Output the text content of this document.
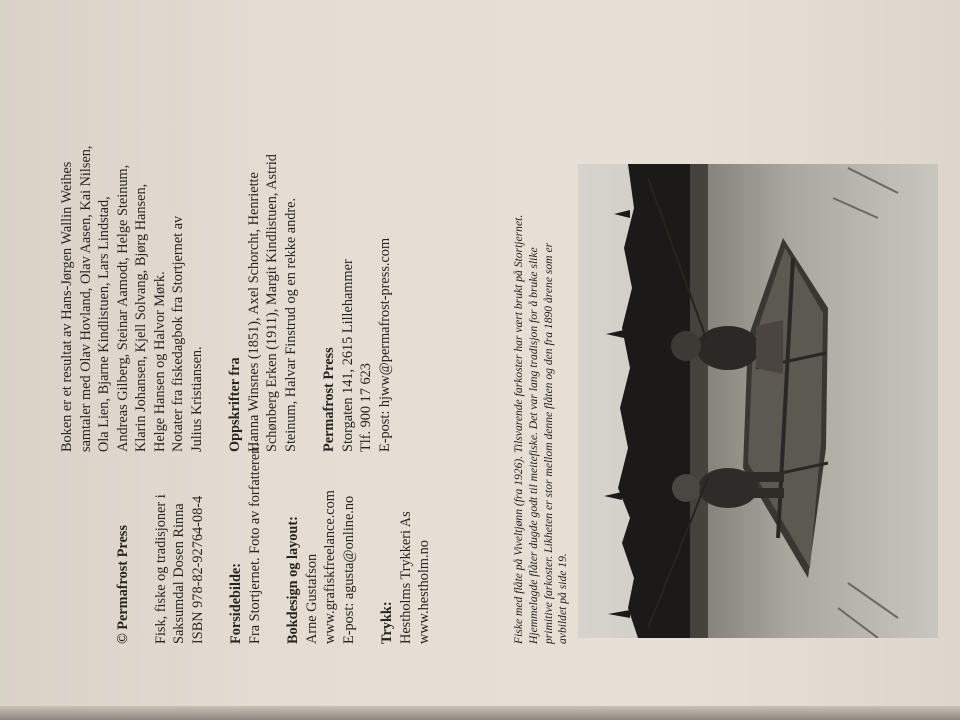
Fiske med flåte på Viveltjønn (fra 1926). Tilsvarende farkoster har vært brukt på Stortjernet. Hjemmelagde flåter dugde godt til meitefiske. Det var lang tradisjon for å bruke slike primitive farkoster. Likheten er stor mellom denne flåten og den fra 1890 årene som er avbildet på side 19.
Boken er et resultat av Hans-Jørgen Wallin Weihes samtaler med Olav Hovland, Olav Aasen, Kai Nilsen, Ola Lien, Bjarne Kindlistuen, Lars Lindstad, Andreas Gilberg, Steinar Aamodt, Helge Steinum, Klarin Johansen, Kjell Solvang, Bjørg Hansen, Helge Hansen og Halvor Mørk. Notater fra fiskedagbok fra Stortjernet av Julius Kristiansen. Oppskrifter fra Hanna Winsnes (1851), Axel Schorcht, Henriette Schønberg Erken (1911), Margit Kindlistuen, Astrid Steinum, Halvar Finstrud og en rekke andre. Permafrost Press Storgaten 141, 2615 Lillehammer Tlf. 900 17 623 E-post: hjww@permafrost-press.com
© Permafrost Press Fisk, fiske og tradisjoner i Saksumdal Dosen Rinna ISBN 978-82-92764-08-4 Forsidebilde: Fra Stortjernet. Foto av forfatteren. Bokdesign og layout: Arne Gustafson www.grafiskfreelance.com E-post: agusta@online.no Trykk: Hestholms Trykkeri As www.hestholm.no
